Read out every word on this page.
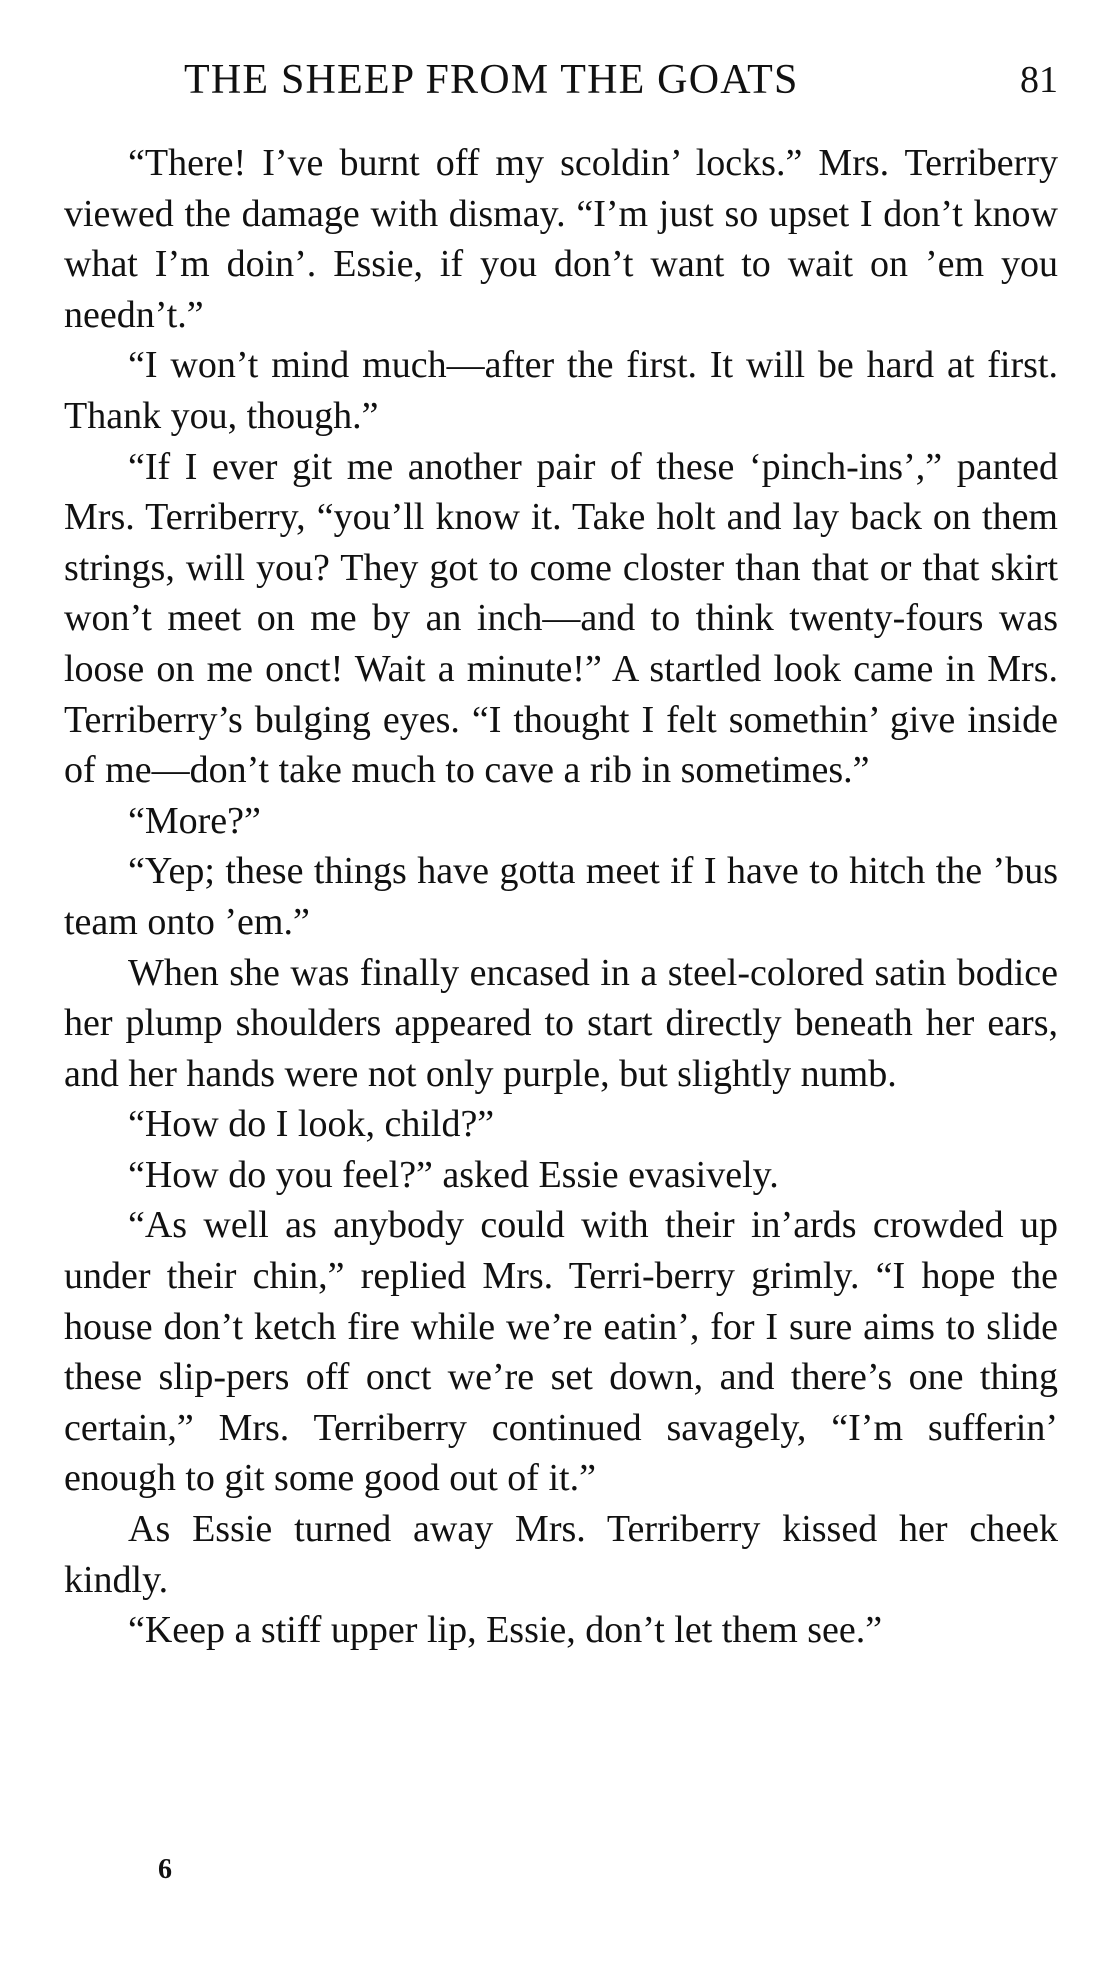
THE SHEEP FROM THE GOATS	81

“There! I’ve burnt off my scoldin’ locks.” Mrs. Terriberry viewed the damage with dismay. “I’m just so upset I don’t know what I’m doin’. Essie, if you don’t want to wait on ’em you needn’t.”

“I won’t mind much—after the first. It will be hard at first. Thank you, though.”

“If I ever git me another pair of these ‘pinch-ins’,” panted Mrs. Terriberry, “you’ll know it. Take holt and lay back on them strings, will you? They got to come closter than that or that skirt won’t meet on me by an inch—and to think twenty-fours was loose on me onct! Wait a minute!” A startled look came in Mrs. Terriberry’s bulging eyes. “I thought I felt somethin’ give inside of me—don’t take much to cave a rib in sometimes.”

“More?”

“Yep; these things have gotta meet if I have to hitch the ’bus team onto ’em.”

When she was finally encased in a steel-colored satin bodice her plump shoulders appeared to start directly beneath her ears, and her hands were not only purple, but slightly numb.

“How do I look, child?”

“How do you feel?” asked Essie evasively.

“As well as anybody could with their in’ards crowded up under their chin,” replied Mrs. Terri-berry grimly. “I hope the house don’t ketch fire while we’re eatin’, for I sure aims to slide these slip-pers off onct we’re set down, and there’s one thing certain,” Mrs. Terriberry continued savagely, “I’m sufferin’ enough to git some good out of it.”

As Essie turned away Mrs. Terriberry kissed her cheek kindly.

“Keep a stiff upper lip, Essie, don’t let them see.”

6
